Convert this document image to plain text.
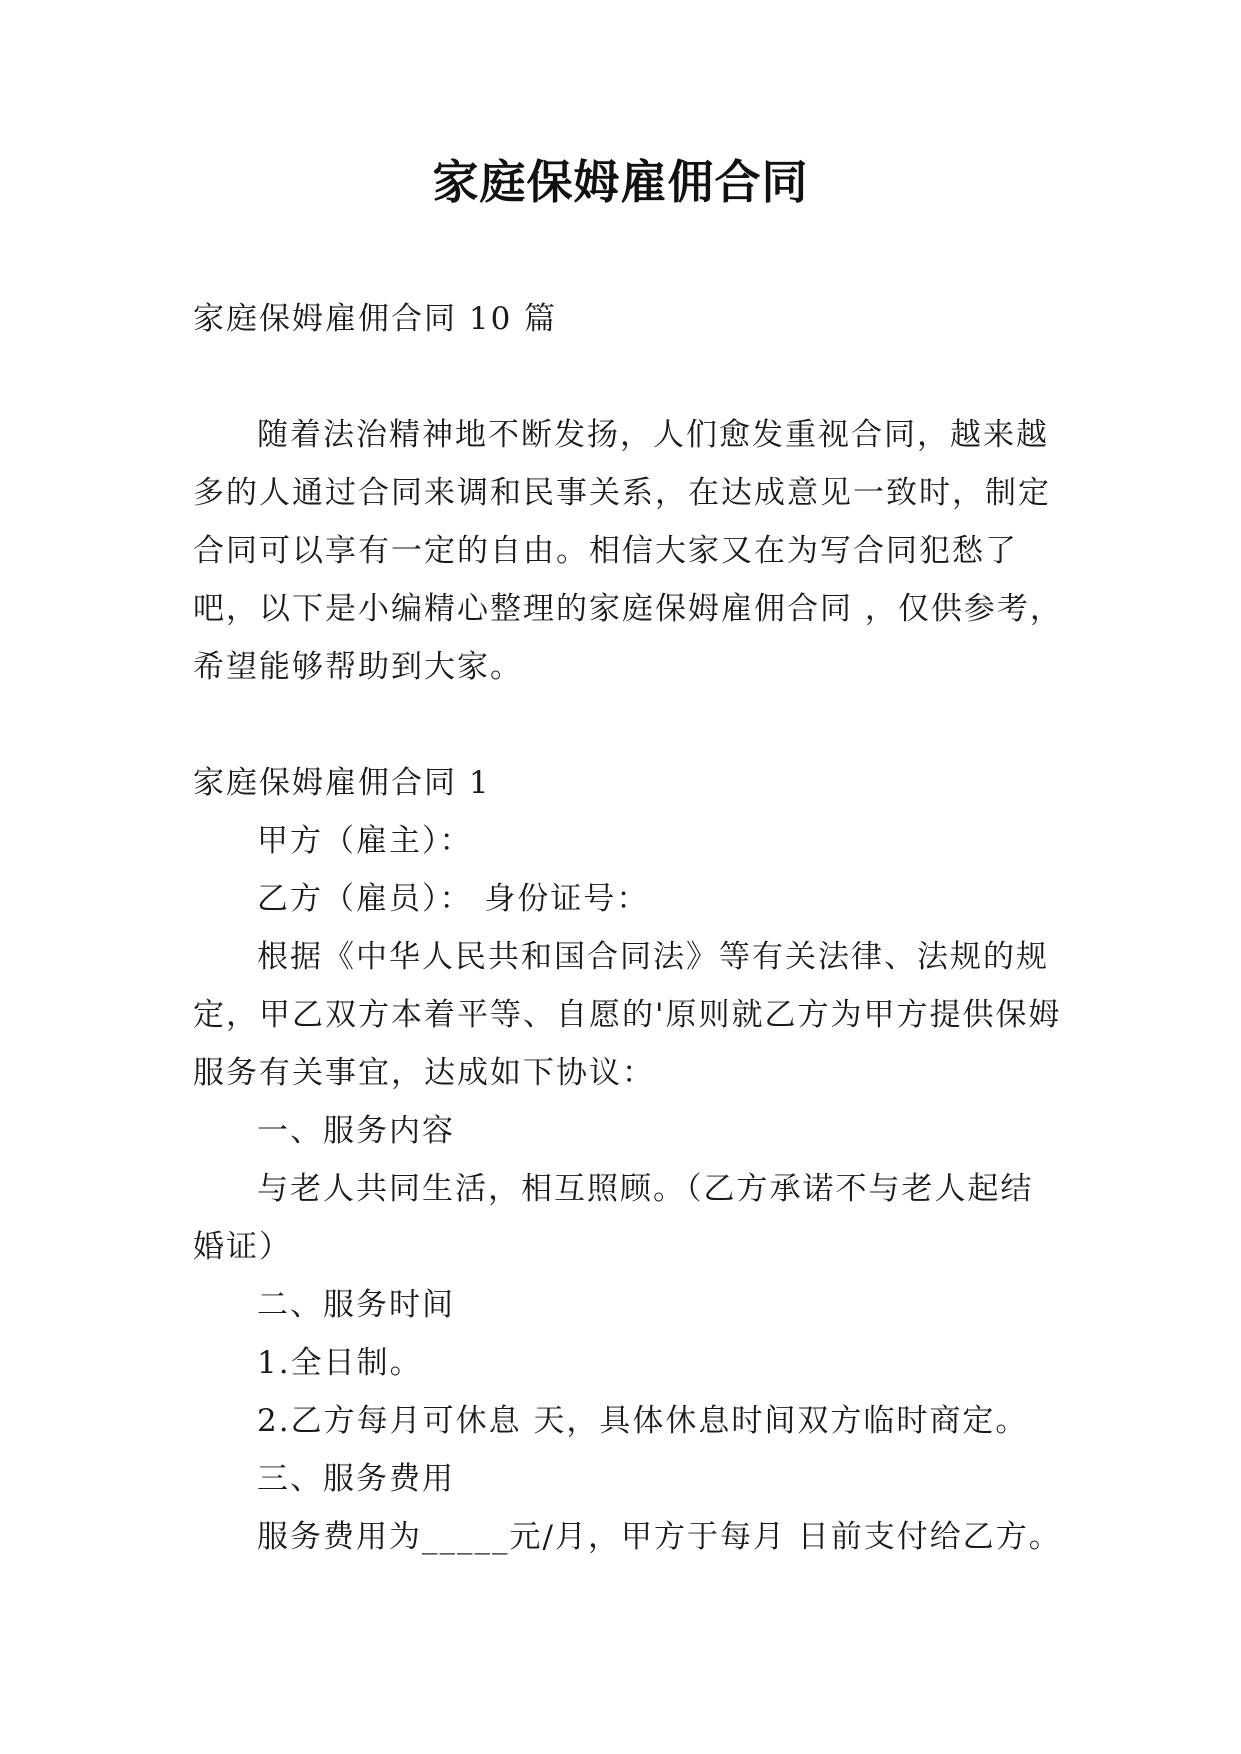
家庭保姆雇佣合同

家庭保姆雇佣合同 10 篇

随着法治精神地不断发扬，人们愈发重视合同，越来越多的人通过合同来调和民事关系，在达成意见一致时，制定合同可以享有一定的自由。相信大家又在为写合同犯愁了吧，以下是小编精心整理的家庭保姆雇佣合同 ，仅供参考，希望能够帮助到大家。

家庭保姆雇佣合同 1

甲方（雇主）：

乙方（雇员）： 身份证号：

根据《中华人民共和国合同法》等有关法律、法规的规定，甲乙双方本着平等、自愿的'原则就乙方为甲方提供保姆服务有关事宜，达成如下协议：

一、服务内容

与老人共同生活，相互照顾。（乙方承诺不与老人起结婚证）

二、服务时间

1.全日制。

2.乙方每月可休息 天，具体休息时间双方临时商定。

三、服务费用

服务费用为_____元/月，甲方于每月 日前支付给乙方。
